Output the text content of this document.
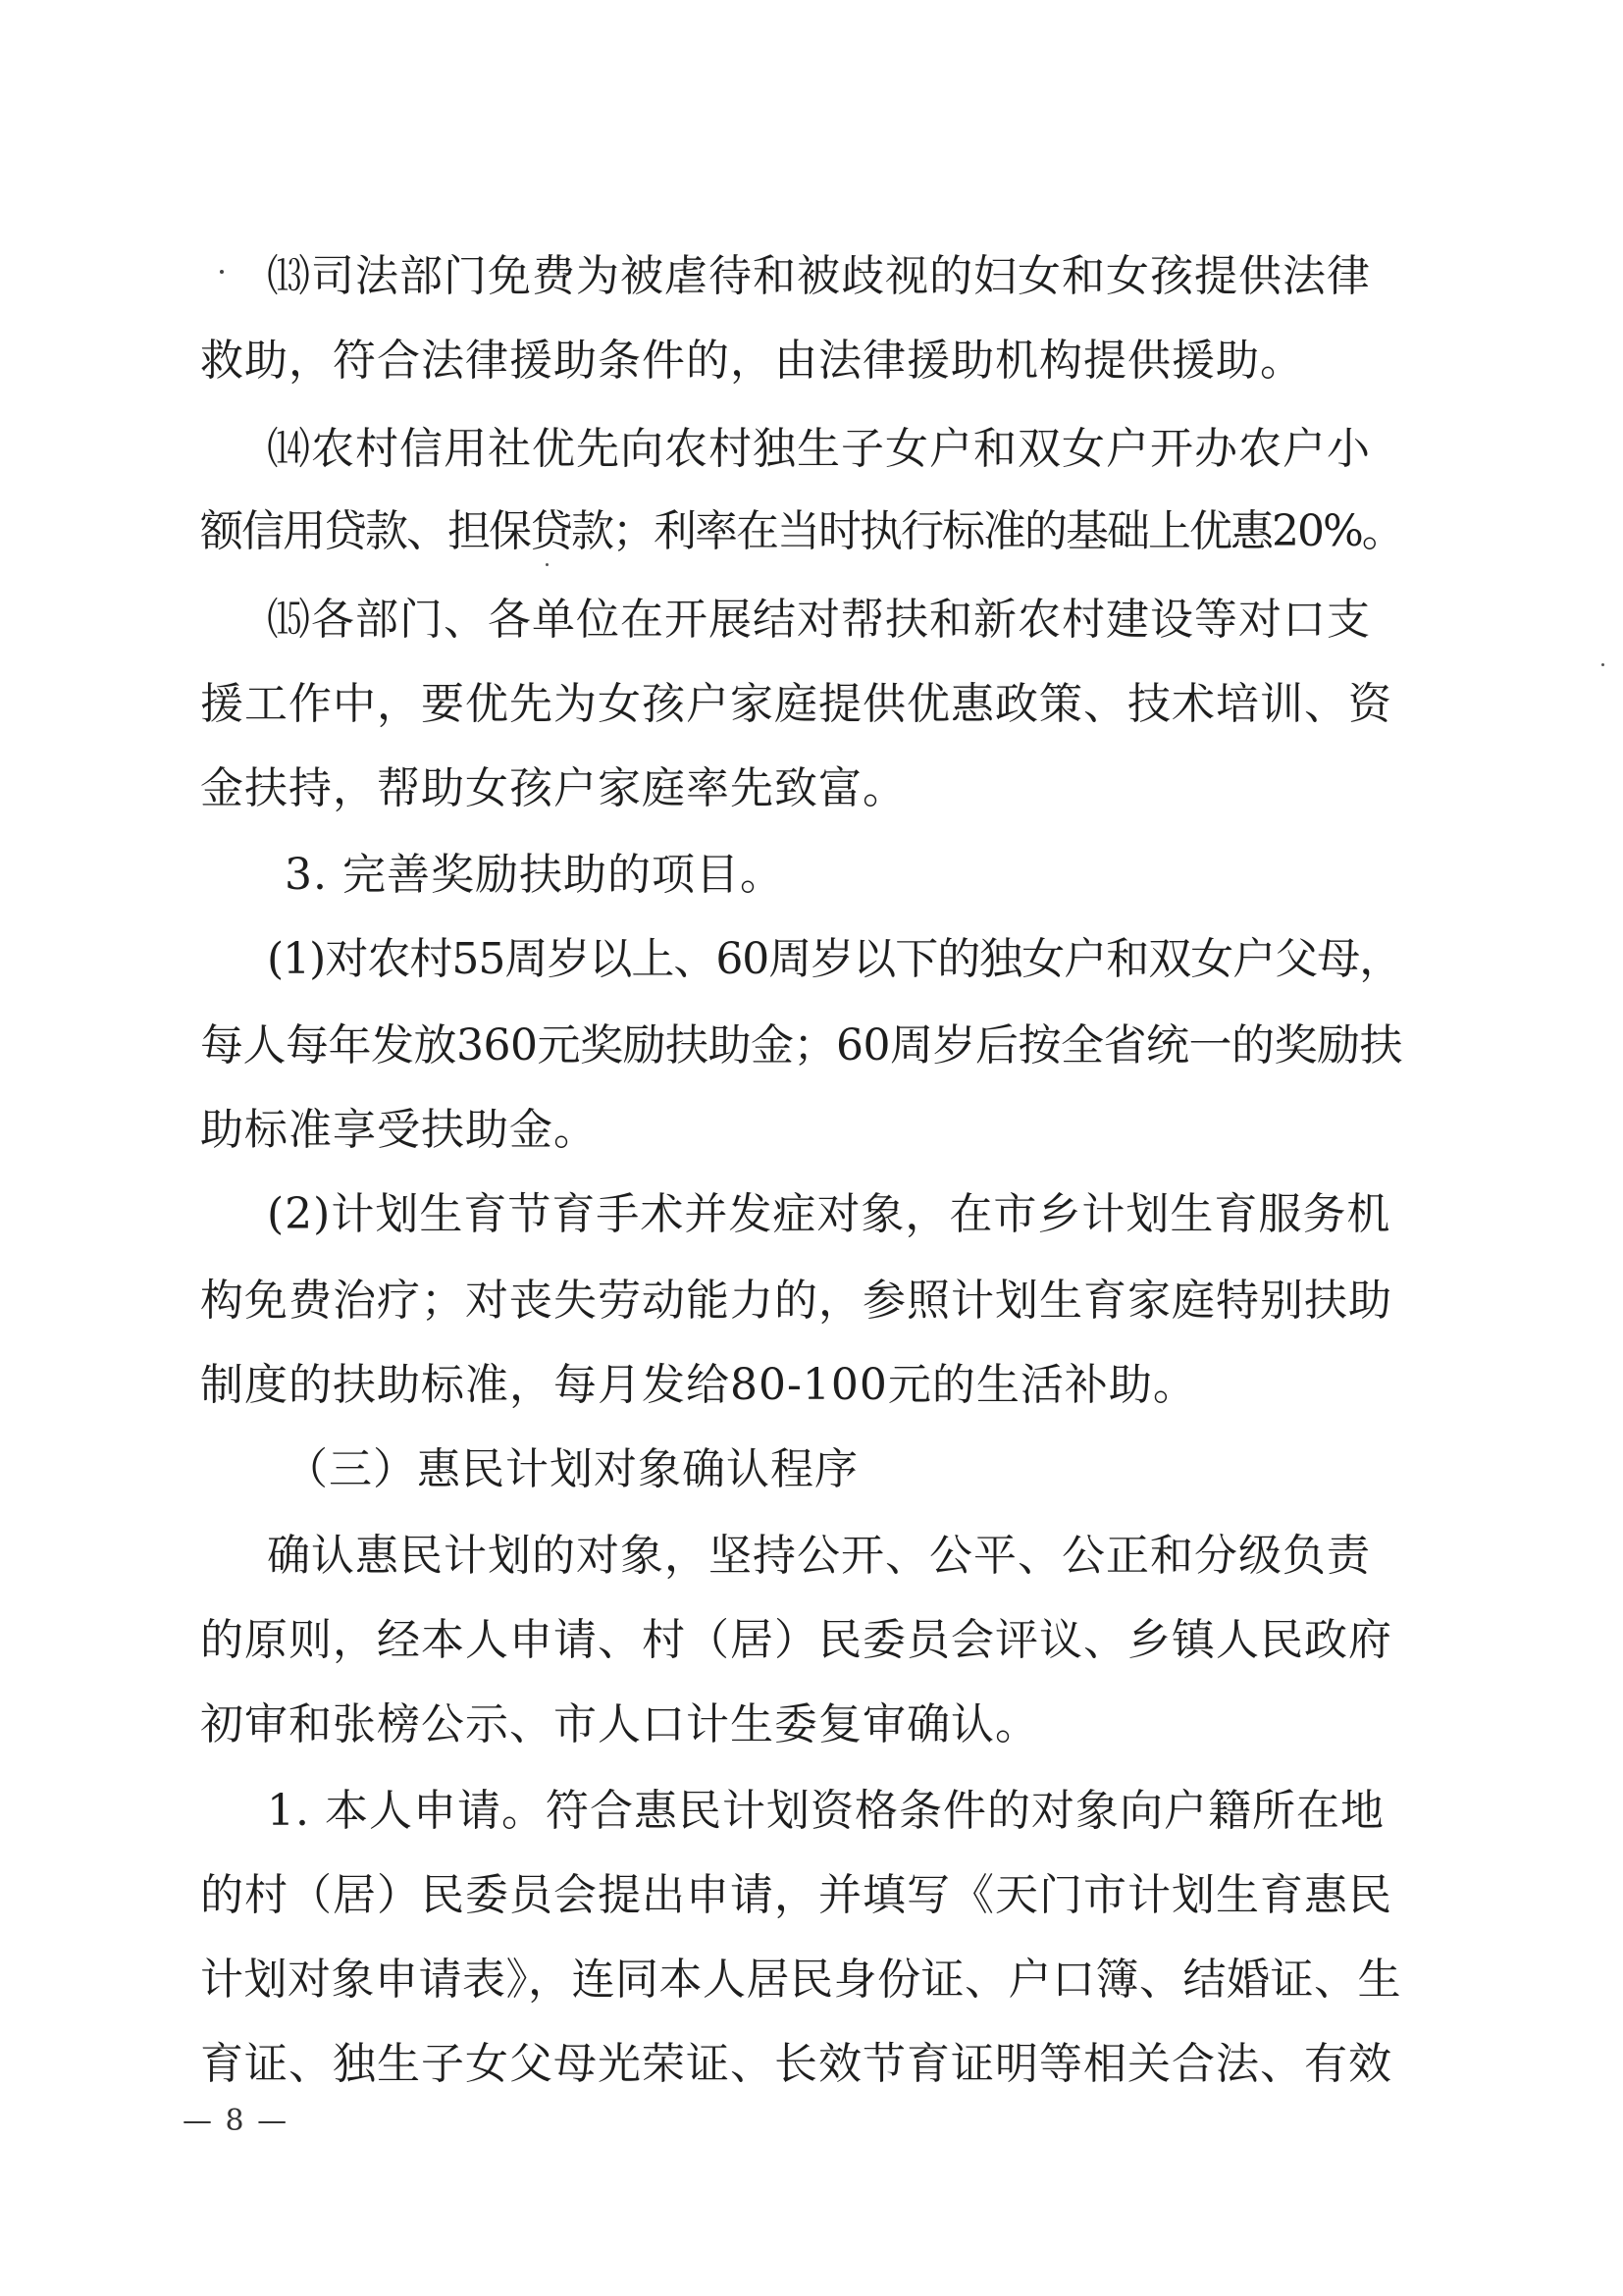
⒀司法部门免费为被虐待和被歧视的妇女和女孩提供法律
救助，符合法律援助条件的，由法律援助机构提供援助。
⒁农村信用社优先向农村独生子女户和双女户开办农户小
额信用贷款、担保贷款；利率在当时执行标准的基础上优惠20%。
⒂各部门、各单位在开展结对帮扶和新农村建设等对口支
援工作中，要优先为女孩户家庭提供优惠政策、技术培训、资
金扶持，帮助女孩户家庭率先致富。
3. 完善奖励扶助的项目。
(1)对农村55周岁以上、60周岁以下的独女户和双女户父母，
每人每年发放360元奖励扶助金；60周岁后按全省统一的奖励扶
助标准享受扶助金。
(2)计划生育节育手术并发症对象，在市乡计划生育服务机
构免费治疗；对丧失劳动能力的，参照计划生育家庭特别扶助
制度的扶助标准，每月发给80-100元的生活补助。
（三）惠民计划对象确认程序
确认惠民计划的对象，坚持公开、公平、公正和分级负责
的原则，经本人申请、村（居）民委员会评议、乡镇人民政府
初审和张榜公示、市人口计生委复审确认。
1. 本人申请。符合惠民计划资格条件的对象向户籍所在地
的村（居）民委员会提出申请，并填写《天门市计划生育惠民
计划对象申请表》，连同本人居民身份证、户口簿、结婚证、生
育证、独生子女父母光荣证、长效节育证明等相关合法、有效
— 8 —
